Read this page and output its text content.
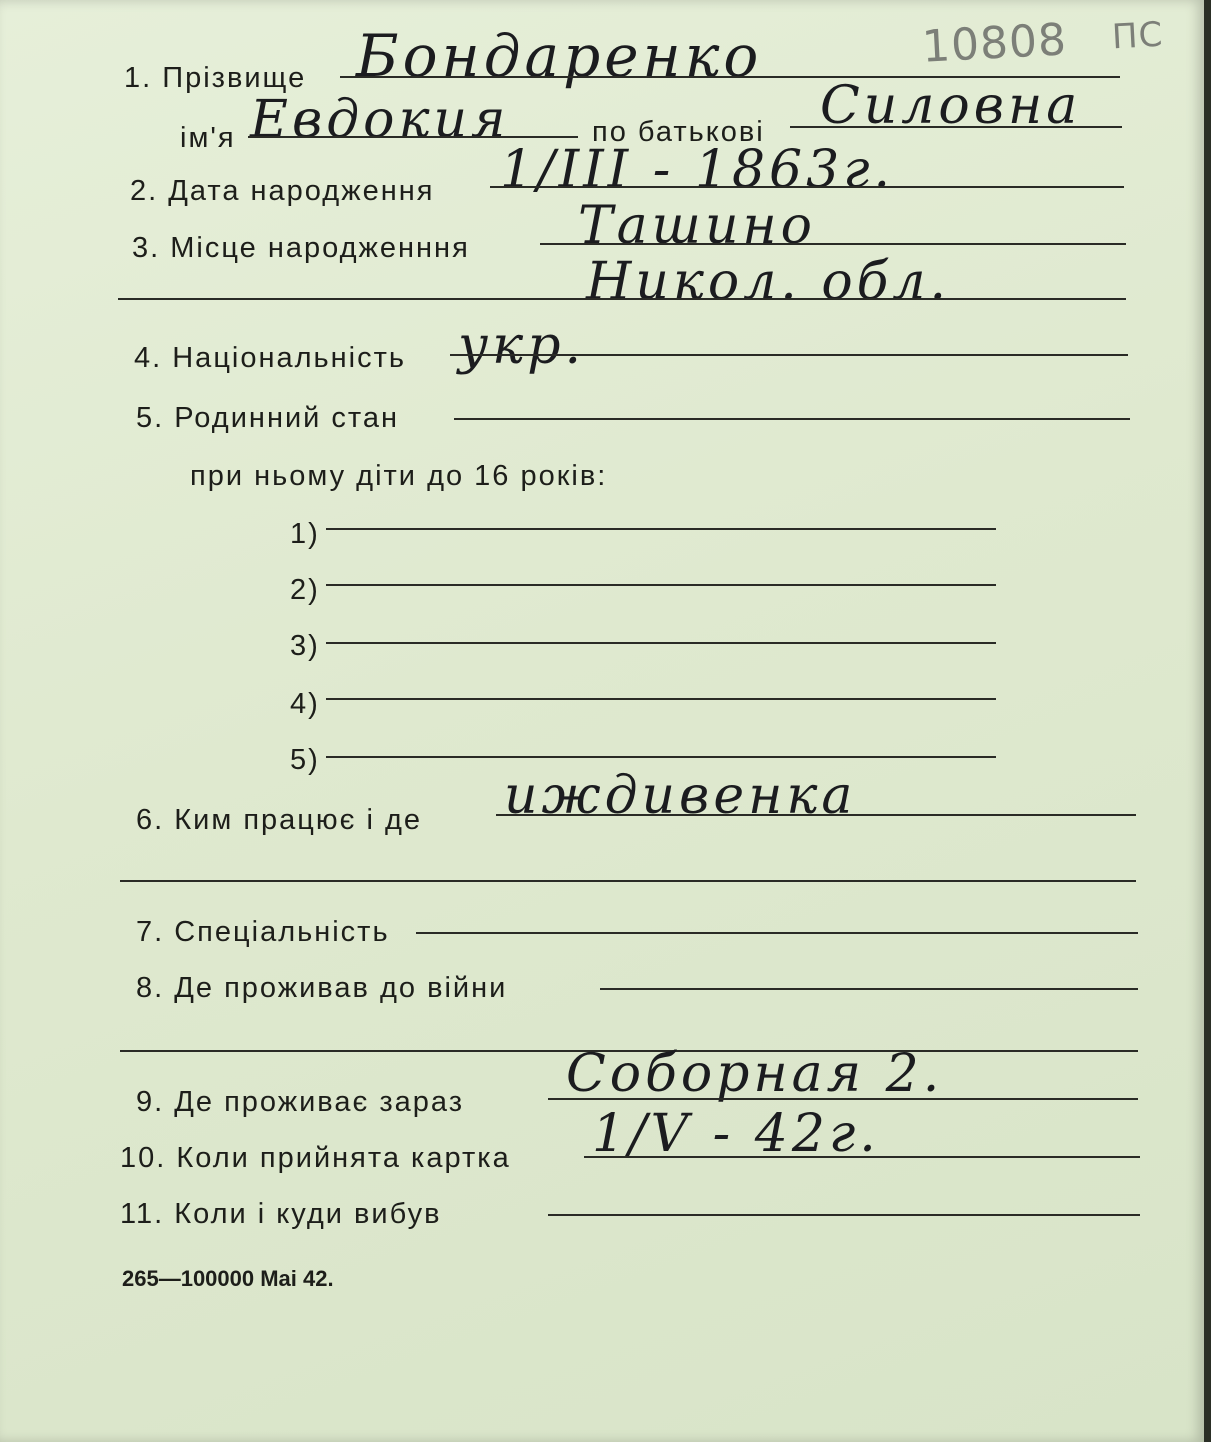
10808 ПС
1. Прізвище Бондаренко
ім'я Евдокия	по батькові Силовна
2. Дата народження 1/III - 1863г.
3. Місце народженння Ташино
Никол. обл.
4. Національність укр.
5. Родинний стан
при ньому діти до 16 років:
1)
2)
3)
4)
5)
6. Ким працює і де иждивенка
7. Спеціальність
8. Де проживав до війни
9. Де проживає зараз Соборная 2.
10. Коли прийнята картка 1/V - 42г.
11. Коли і куди вибув
265—100000 Mai 42.
